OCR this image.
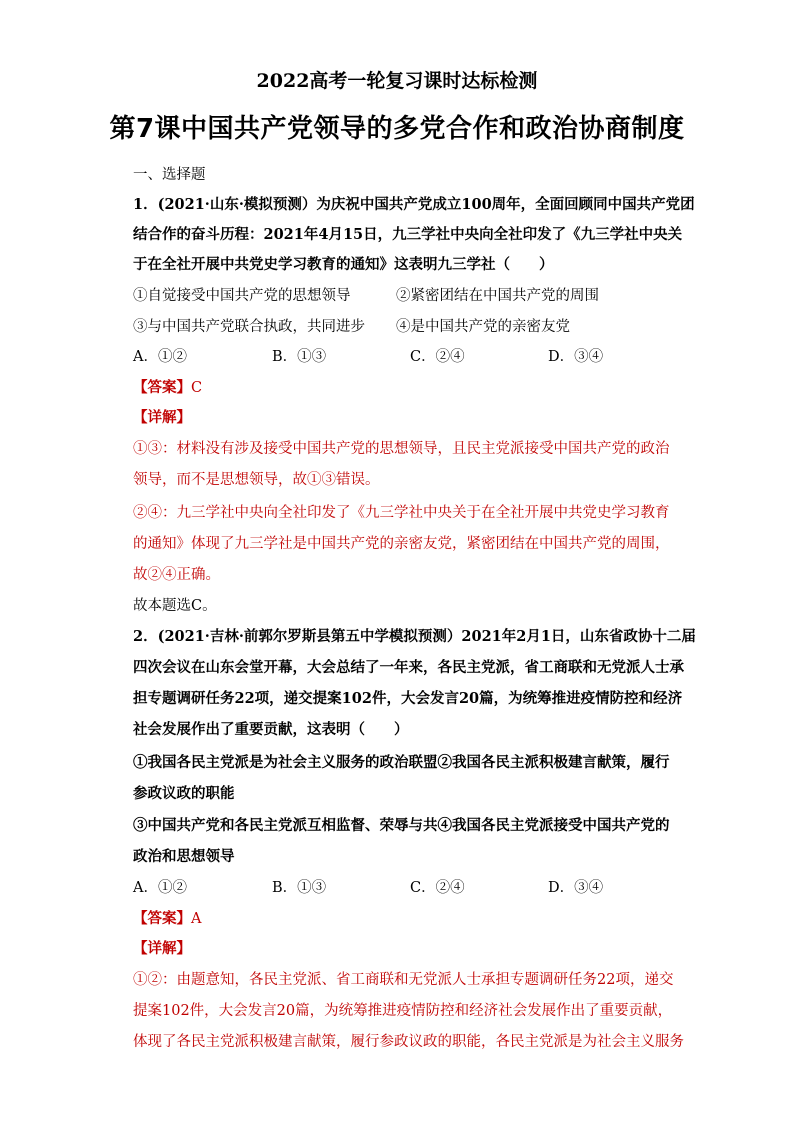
2022高考一轮复习课时达标检测
第7课中国共产党领导的多党合作和政治协商制度
一、选择题
1．(2021·山东·模拟预测）为庆祝中国共产党成立100周年，全面回顾同中国共产党团
结合作的奋斗历程：2021年4月15日，九三学社中央向全社印发了《九三学社中央关
于在全社开展中共党史学习教育的通知》这表明九三学社（　　）
①自觉接受中国共产党的思想领导	②紧密团结在中国共产党的周围
③与中国共产党联合执政，共同进步 ④是中国共产党的亲密友党
A．①②	B．①③	C．②④	D．③④
【答案】C
【详解】
①③：材料没有涉及接受中国共产党的思想领导，且民主党派接受中国共产党的政治
领导，而不是思想领导，故①③错误。
②④：九三学社中央向全社印发了《九三学社中央关于在全社开展中共党史学习教育
的通知》体现了九三学社是中国共产党的亲密友党，紧密团结在中国共产党的周围，
故②④正确。
故本题选C。
2．(2021·吉林·前郭尔罗斯县第五中学模拟预测）2021年2月1日，山东省政协十二届
四次会议在山东会堂开幕，大会总结了一年来，各民主党派，省工商联和无党派人士承
担专题调研任务22项，递交提案102件，大会发言20篇，为统筹推进疫情防控和经济
社会发展作出了重要贡献，这表明（　　）
①我国各民主党派是为社会主义服务的政治联盟②我国各民主派积极建言献策，履行
参政议政的职能
③中国共产党和各民主党派互相监督、荣辱与共④我国各民主党派接受中国共产党的
政治和思想领导
A．①②	B．①③	C．②④	D．③④
【答案】A
【详解】
①②：由题意知，各民主党派、省工商联和无党派人士承担专题调研任务22项，递交
提案102件，大会发言20篇，为统筹推进疫情防控和经济社会发展作出了重要贡献，
体现了各民主党派积极建言献策，履行参政议政的职能，各民主党派是为社会主义服务
